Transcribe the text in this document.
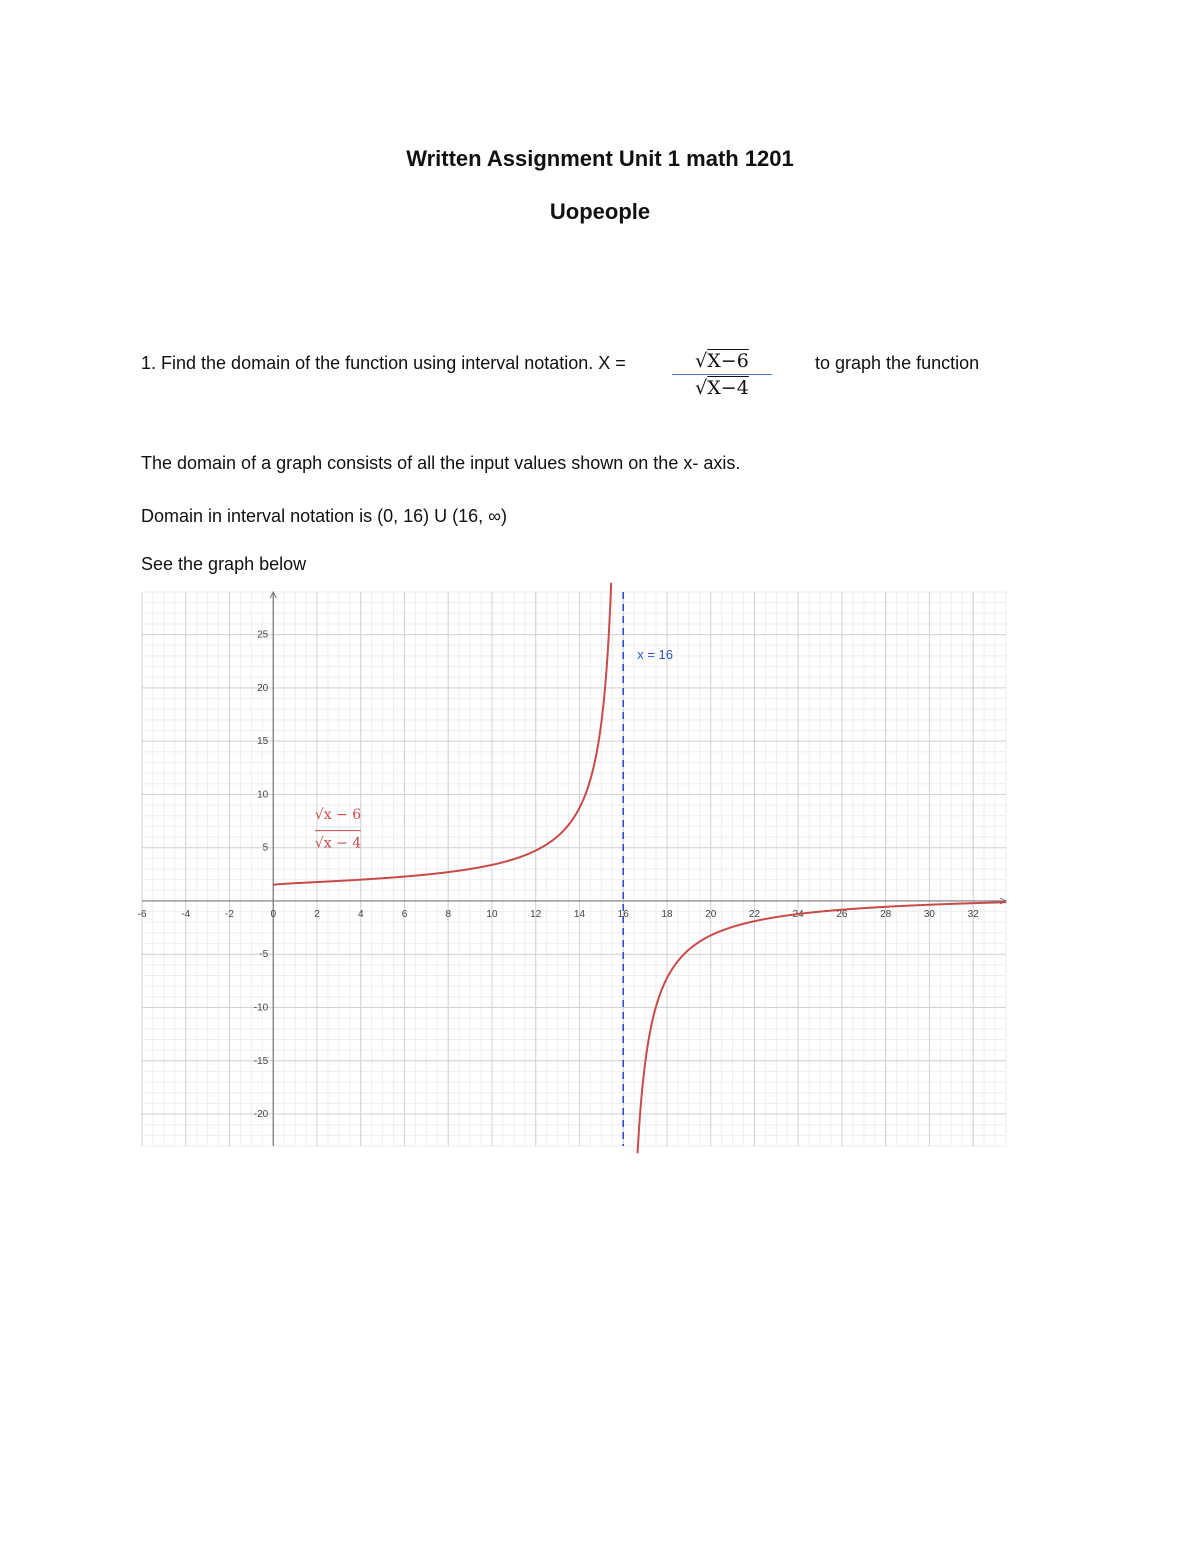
Written Assignment Unit 1 math 1201
Uopeople
1. Find the domain of the function using interval notation. $X = \frac{√X-6}{√X-4}$ to graph the function
The domain of a graph consists of all the input values shown on the x- axis.
Domain in interval notation is (0, 16) U (16, ∞)
See the graph below
-6	-4	-2	0	2	4	6	8	10	12	14	16	18	20	22	24	26	28	30	32
-20
-15
-10
-5
5
10
15
20
25
x = 16
√x − 6
√x − 4
